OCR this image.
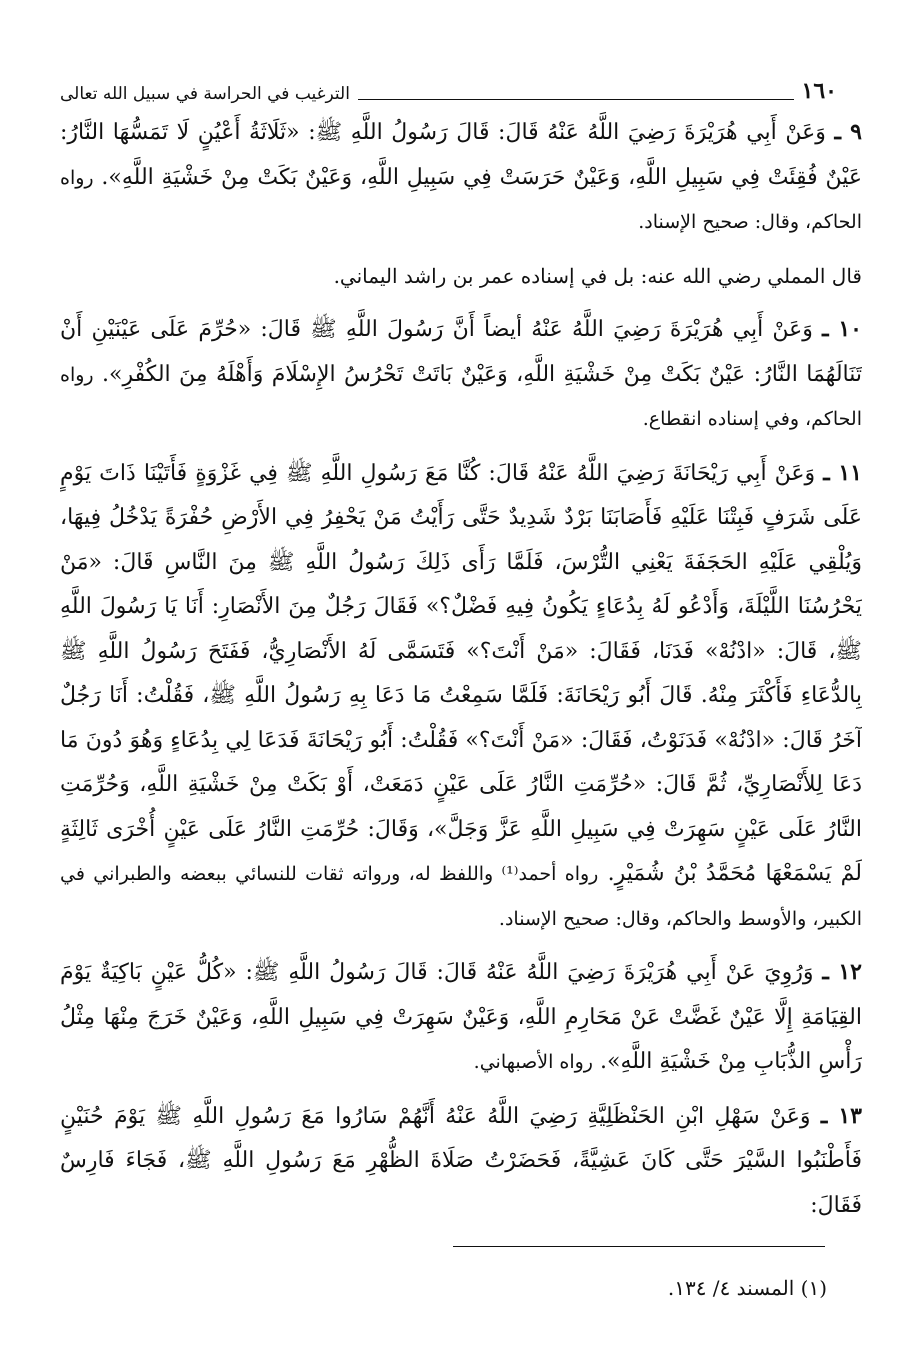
١٦٠
الترغيب في الحراسة في سبيل الله تعالى

٩ ـ وَعَنْ أَبِي هُرَيْرَةَ رَضِيَ اللَّهُ عَنْهُ قَالَ: قَالَ رَسُولُ اللَّهِ ﷺ: «ثَلَاثَةُ أَعْيُنٍ لَا تَمَسُّهَا النَّارُ: عَيْنٌ فُقِئَتْ فِي سَبِيلِ اللَّهِ، وَعَيْنٌ حَرَسَتْ فِي سَبِيلِ اللَّهِ، وَعَيْنٌ بَكَتْ مِنْ خَشْيَةِ اللَّهِ». رواه الحاكم، وقال: صحيح الإسناد.

قال المملي رضي الله عنه: بل في إسناده عمر بن راشد اليماني.

١٠ ـ وَعَنْ أَبِي هُرَيْرَةَ رَضِيَ اللَّهُ عَنْهُ أيضاً أَنَّ رَسُولَ اللَّهِ ﷺ قَالَ: «حُرِّمَ عَلَى عَيْنَيْنِ أَنْ تَنَالَهُمَا النَّارُ: عَيْنٌ بَكَتْ مِنْ خَشْيَةِ اللَّهِ، وَعَيْنٌ بَاتَتْ تَحْرُسُ الإِسْلَامَ وَأَهْلَهُ مِنَ الكُفْرِ». رواه الحاكم، وفي إسناده انقطاع.

١١ ـ وَعَنْ أَبِي رَيْحَانَةَ رَضِيَ اللَّهُ عَنْهُ قَالَ: كُنَّا مَعَ رَسُولِ اللَّهِ ﷺ فِي غَزْوَةٍ فَأَتَيْنَا ذَاتَ يَوْمٍ عَلَى شَرَفٍ فَبِتْنَا عَلَيْهِ فَأَصَابَنَا بَرْدٌ شَدِيدٌ حَتَّى رَأَيْتُ مَنْ يَحْفِرُ فِي الأَرْضِ حُفْرَةً يَدْخُلُ فِيهَا، وَيُلْقِي عَلَيْهِ الحَجَفَةَ يَعْنِي التُّرْسَ، فَلَمَّا رَأَى ذَلِكَ رَسُولُ اللَّهِ ﷺ مِنَ النَّاسِ قَالَ: «مَنْ يَحْرُسُنَا اللَّيْلَةَ، وَأَدْعُو لَهُ بِدُعَاءٍ يَكُونُ فِيهِ فَضْلٌ؟» فَقَالَ رَجُلٌ مِنَ الأَنْصَارِ: أَنَا يَا رَسُولَ اللَّهِ ﷺ، قَالَ: «ادْنُهْ» فَدَنَا، فَقَالَ: «مَنْ أَنْتَ؟» فَتَسَمَّى لَهُ الأَنْصَارِيُّ، فَفَتَحَ رَسُولُ اللَّهِ ﷺ بِالدُّعَاءِ فَأَكْثَرَ مِنْهُ. قَالَ أَبُو رَيْحَانَةَ: فَلَمَّا سَمِعْتُ مَا دَعَا بِهِ رَسُولُ اللَّهِ ﷺ، فَقُلْتُ: أَنَا رَجُلٌ آخَرُ قَالَ: «ادْنُهْ» فَدَنَوْتُ، فَقَالَ: «مَنْ أَنْتَ؟» فَقُلْتُ: أَبُو رَيْحَانَةَ فَدَعَا لِي بِدُعَاءٍ وَهُوَ دُونَ مَا دَعَا لِلأَنْصَارِيِّ، ثُمَّ قَالَ: «حُرِّمَتِ النَّارُ عَلَى عَيْنٍ دَمَعَتْ، أَوْ بَكَتْ مِنْ خَشْيَةِ اللَّهِ، وَحُرِّمَتِ النَّارُ عَلَى عَيْنٍ سَهِرَتْ فِي سَبِيلِ اللَّهِ عَزَّ وَجَلَّ»، وَقَالَ: حُرِّمَتِ النَّارُ عَلَى عَيْنٍ أُخْرَى ثَالِثَةٍ لَمْ يَسْمَعْهَا مُحَمَّدُ بْنُ شُمَيْرٍ. رواه أحمد⁽¹⁾ واللفظ له، ورواته ثقات للنسائي ببعضه والطبراني في الكبير، والأوسط والحاكم، وقال: صحيح الإسناد.

١٢ ـ وَرُوِيَ عَنْ أَبِي هُرَيْرَةَ رَضِيَ اللَّهُ عَنْهُ قَالَ: قَالَ رَسُولُ اللَّهِ ﷺ: «كُلُّ عَيْنٍ بَاكِيَةٌ يَوْمَ القِيَامَةِ إِلَّا عَيْنٌ غَضَّتْ عَنْ مَحَارِمِ اللَّهِ، وَعَيْنٌ سَهِرَتْ فِي سَبِيلِ اللَّهِ، وَعَيْنٌ خَرَجَ مِنْهَا مِثْلُ رَأْسِ الذُّبَابِ مِنْ خَشْيَةِ اللَّهِ». رواه الأصبهاني.

١٣ ـ وَعَنْ سَهْلِ ابْنِ الحَنْظَلِيَّةِ رَضِيَ اللَّهُ عَنْهُ أَنَّهُمْ سَارُوا مَعَ رَسُولِ اللَّهِ ﷺ يَوْمَ حُنَيْنٍ فَأَطْنَبُوا السَّيْرَ حَتَّى كَانَ عَشِيَّةً، فَحَضَرْتُ صَلَاةَ الظُّهْرِ مَعَ رَسُولِ اللَّهِ ﷺ، فَجَاءَ فَارِسٌ فَقَالَ:

(١) المسند ٤/ ١٣٤.
